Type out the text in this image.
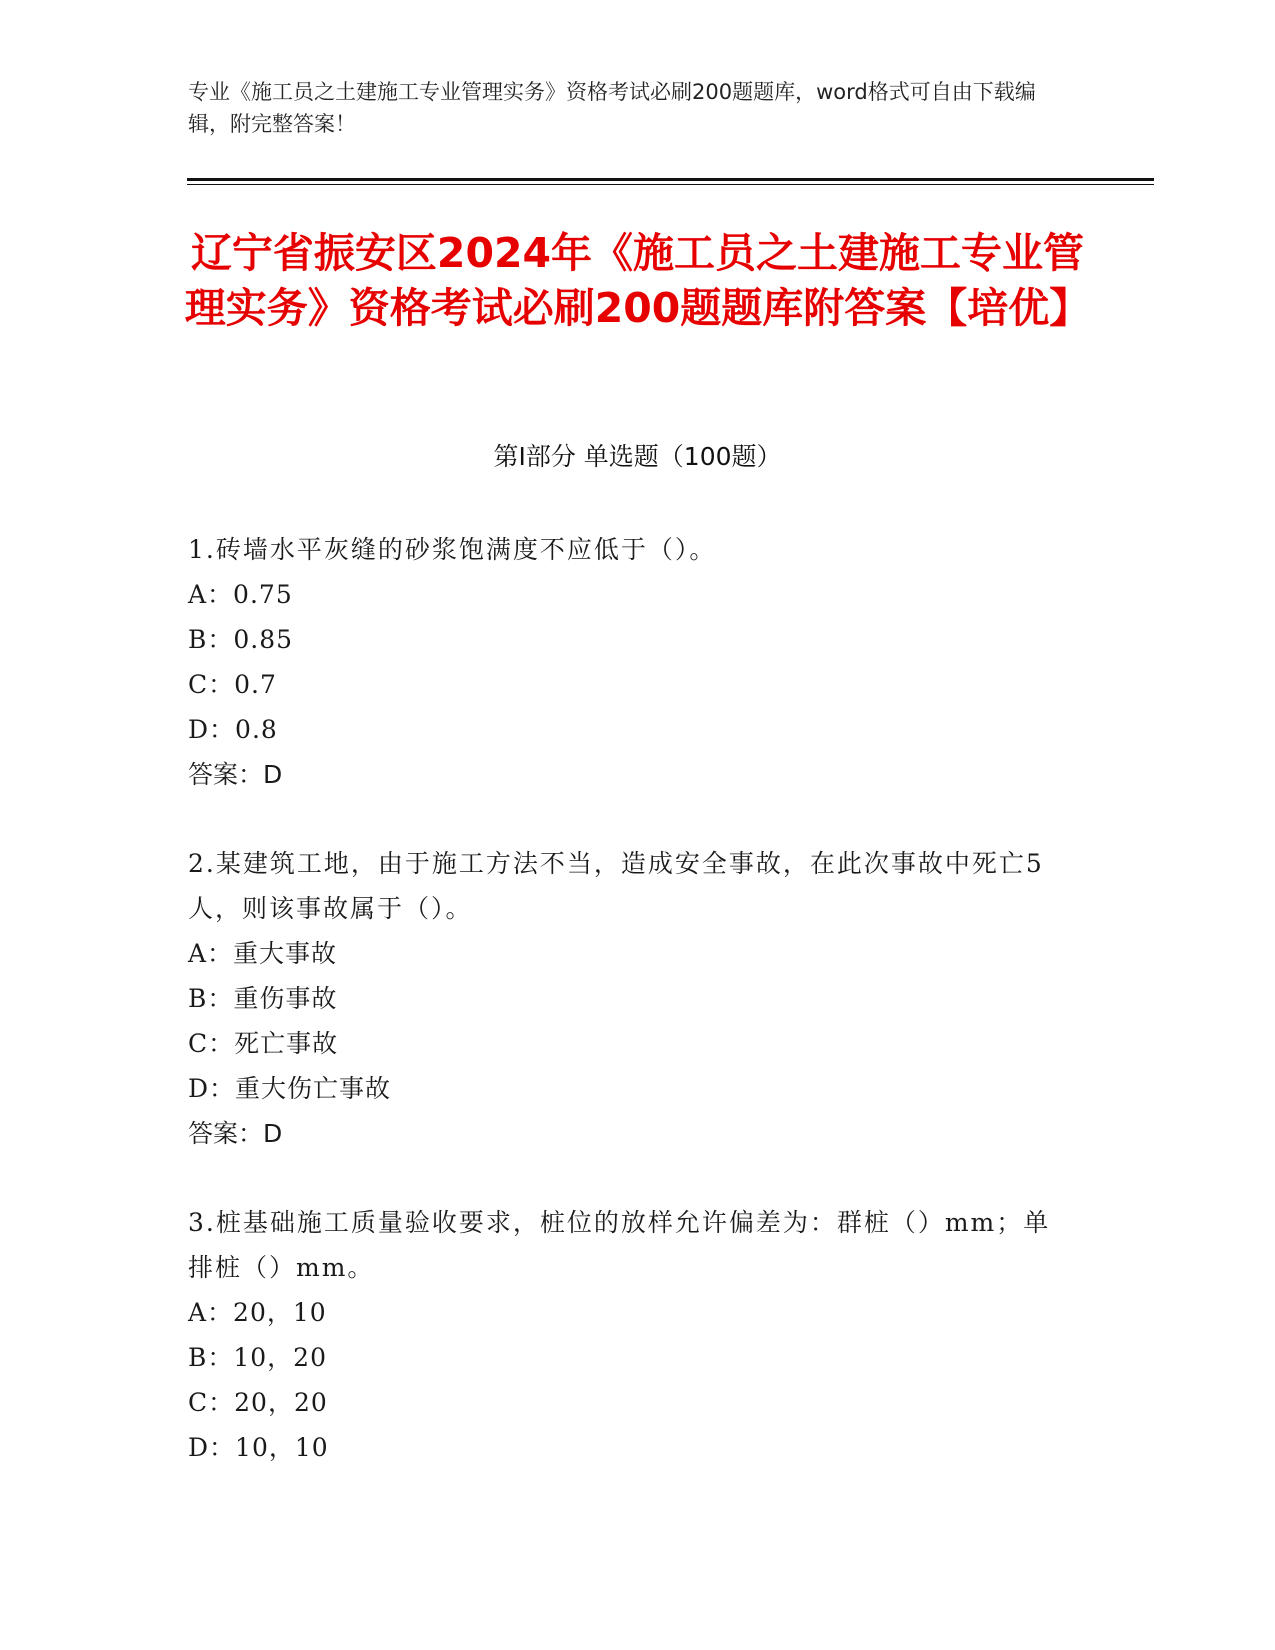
专业《施工员之土建施工专业管理实务》资格考试必刷200题题库，word格式可自由下载编辑，附完整答案！
辽宁省振安区2024年《施工员之土建施工专业管理实务》资格考试必刷200题题库附答案【培优】
第Ⅰ部分 单选题（100题）
1.砖墙水平灰缝的砂浆饱满度不应低于（）。
A：0.75
B：0.85
C：0.7
D：0.8
答案：D
2.某建筑工地，由于施工方法不当，造成安全事故，在此次事故中死亡5人，则该事故属于（）。
A：重大事故
B：重伤事故
C：死亡事故
D：重大伤亡事故
答案：D
3.桩基础施工质量验收要求，桩位的放样允许偏差为：群桩（）mm；单排桩（）mm。
A：20，10
B：10，20
C：20，20
D：10，10
